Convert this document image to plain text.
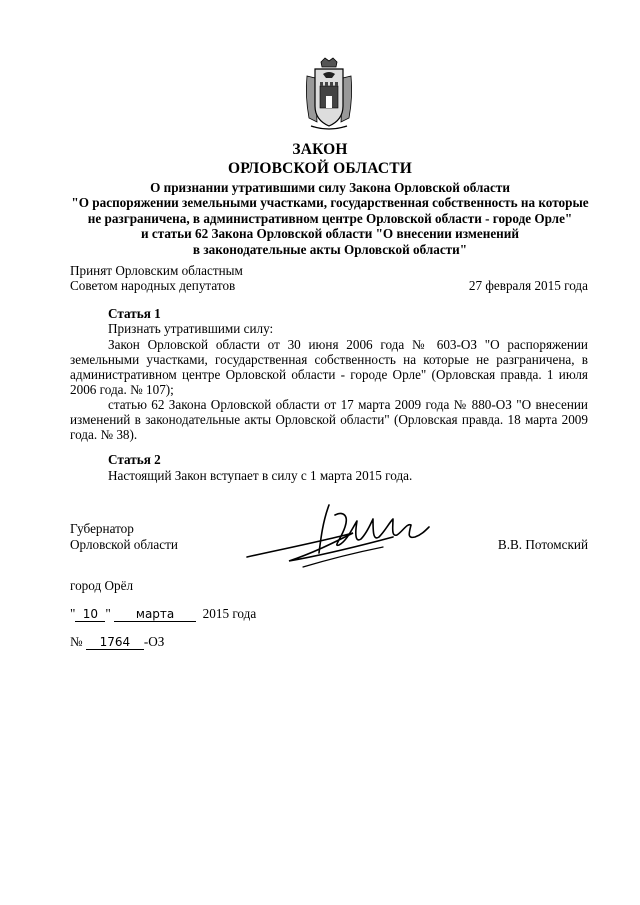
ЗАКОН
ОРЛОВСКОЙ ОБЛАСТИ
О признании утратившими силу Закона Орловской области
"О распоряжении земельными участками, государственная собственность на которые
не разграничена, в административном центре Орловской области - городе Орле"
и статьи 62 Закона Орловской области "О внесении изменений
в законодательные акты Орловской области"
Принят Орловским областным
Советом народных депутатов	27 февраля 2015 года
Статья 1

Признать утратившими силу:

Закон Орловской области от 30 июня 2006 года № 603-ОЗ "О распоряжении земельными участками, государственная собственность на которые не разграничена, в административном центре Орловской области - городе Орле" (Орловская правда. 1 июля 2006 года. № 107);

статью 62 Закона Орловской области от 17 марта 2009 года № 880-ОЗ "О внесении изменений в законодательные акты Орловской области" (Орловская правда. 18 марта 2009 года. № 38).

Статья 2
Настоящий Закон вступает в силу с 1 марта 2015 года.
Губернатор
Орловской области	В.В. Потомский
город Орёл
" 10 " марта 2015 года
№ 1764 -ОЗ
